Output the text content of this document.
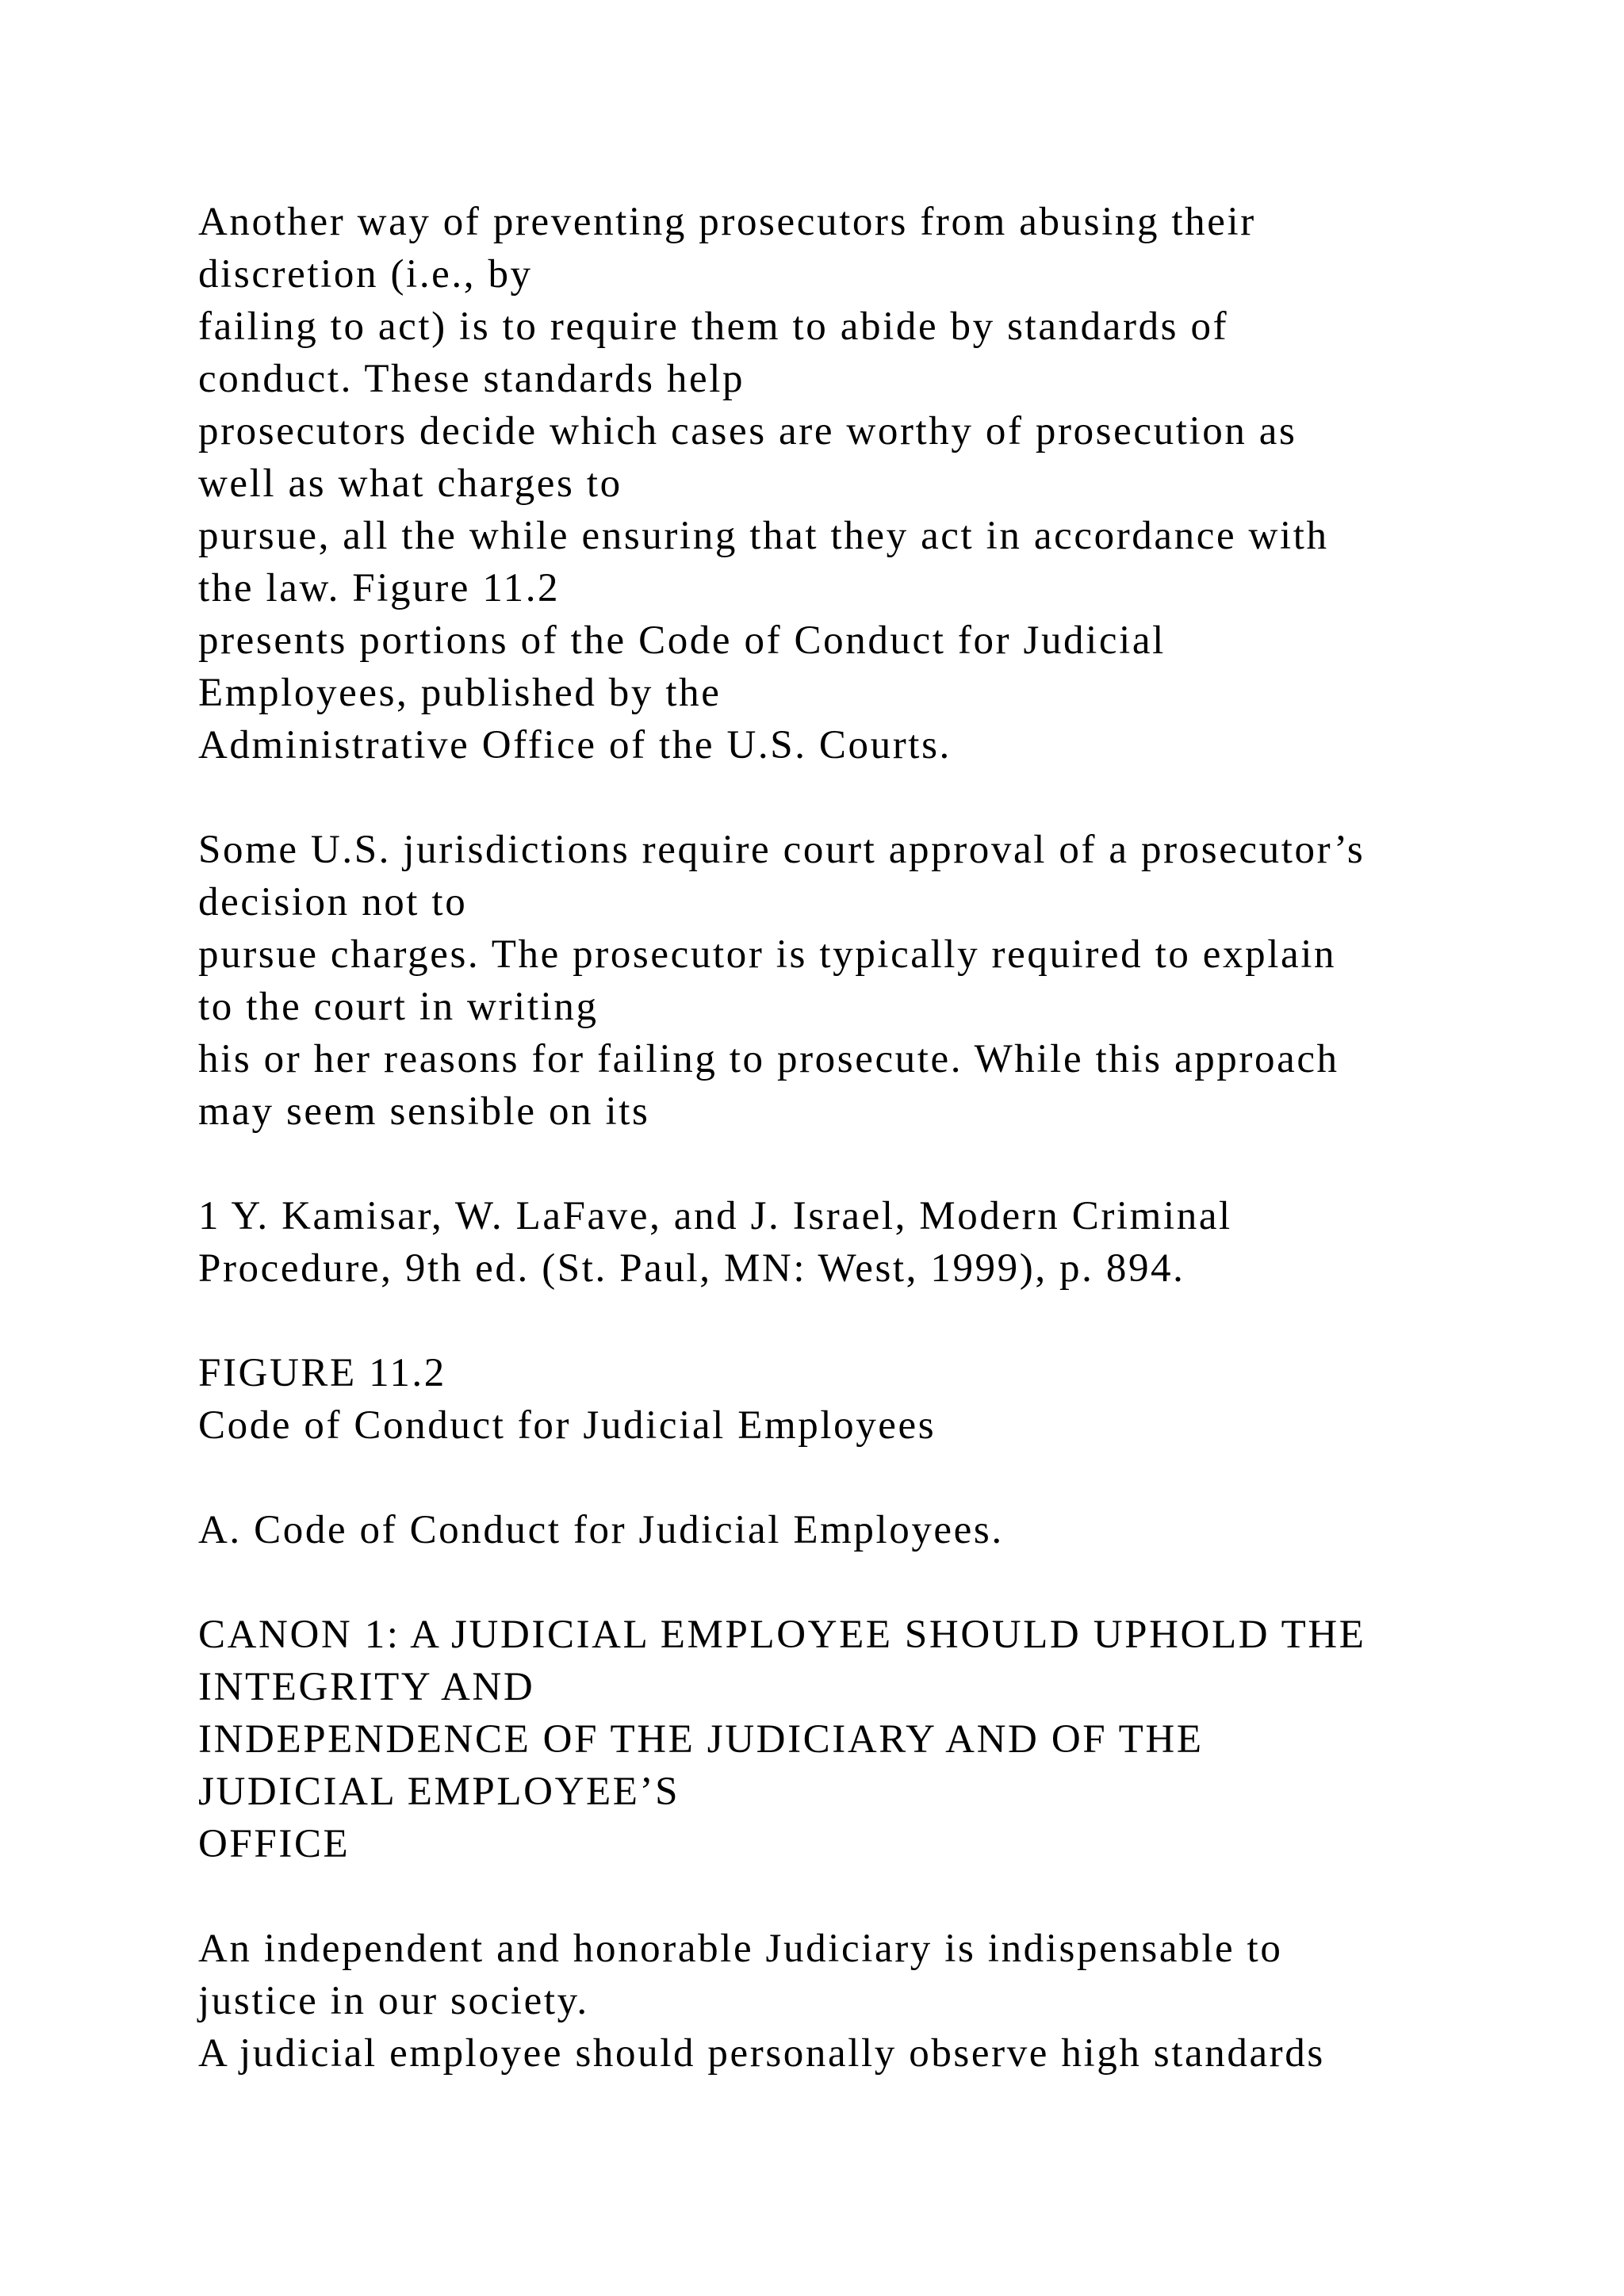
Another way of preventing prosecutors from abusing their
discretion (i.e., by
failing to act) is to require them to abide by standards of
conduct. These standards help
prosecutors decide which cases are worthy of prosecution as
well as what charges to
pursue, all the while ensuring that they act in accordance with
the law. Figure 11.2
presents portions of the Code of Conduct for Judicial
Employees, published by the
Administrative Office of the U.S. Courts.
Some U.S. jurisdictions require court approval of a prosecutor’s
decision not to
pursue charges. The prosecutor is typically required to explain
to the court in writing
his or her reasons for failing to prosecute. While this approach
may seem sensible on its
1 Y. Kamisar, W. LaFave, and J. Israel, Modern Criminal
Procedure, 9th ed. (St. Paul, MN: West, 1999), p. 894.
FIGURE 11.2
Code of Conduct for Judicial Employees
A. Code of Conduct for Judicial Employees.
CANON 1: A JUDICIAL EMPLOYEE SHOULD UPHOLD THE
INTEGRITY AND
INDEPENDENCE OF THE JUDICIARY AND OF THE
JUDICIAL EMPLOYEE’S
OFFICE
An independent and honorable Judiciary is indispensable to
justice in our society.
A judicial employee should personally observe high standards
